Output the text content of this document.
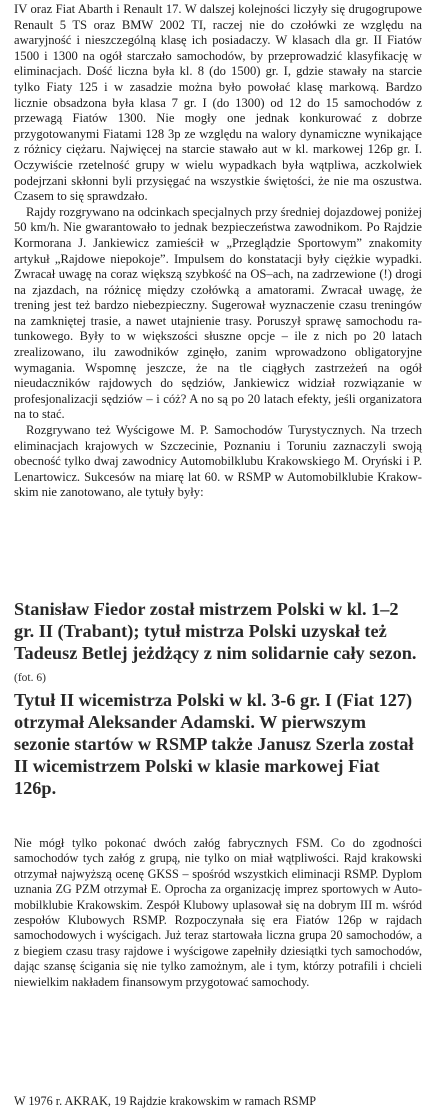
IV oraz Fiat Abarth i Renault 17. W dalszej kolejności liczyły się drugogrupowe Renault 5 TS oraz BMW 2002 TI, raczej nie do czołówki ze względu na awaryjność i nieszczególną klasę ich posiadaczy. W klasach dla gr. II Fiatów 1500 i 1300 na ogół starczało samochodów, by przeprowadzić klasyfikację w eliminacjach. Dość liczna była kl. 8 (do 1500) gr. I, gdzie stawały na starcie tylko Fiaty 125 i w zasadzie można było powołać klasę markową. Bardzo licznie obsadzona była klasa 7 gr. I (do 1300) od 12 do 15 samochodów z przewagą Fiatów 1300. Nie mogły one jednak konkurować z dobrze przygotowanymi Fiatami 128 3p ze względu na walory dynamiczne wynikające z różnicy ciężaru. Najwięcej na starcie stawało aut w kl. markowej 126p gr. I. Oczywiście rzetelność grupy w wielu wypadkach była wątpliwa, aczkolwiek podejrzani skłonni byli przysięgać na wszystkie świętości, że nie ma oszustwa. Czasem to się sprawdzało.

Rajdy rozgrywano na odcinkach specjalnych przy średniej dojazdowej poniżej 50 km/h. Nie gwarantowało to jednak bezpieczeństwa zawodnikom. Po Rajdzie Kormorana J. Jankiewicz zamieścił w „Przeglądzie Sportowym” znakomity artykuł „Rajdowe niepokoje”. Impulsem do konstatacji były ciężkie wypadki. Zwracał uwagę na coraz większą szybkość na OS–ach, na zadrzewione (!) drogi na zjazdach, na różnicę między czołówką a amatorami. Zwracał uwagę, że trening jest też bardzo niebezpieczny. Sugerował wyznaczenie czasu treningów na zamkniętej trasie, a nawet utajnienie trasy. Poruszył sprawę samochodu ratunkowego. Były to w większości słuszne opcje – ile z nich po 20 latach zrealizowano, ilu zawodników zginęło, zanim wprowadzono obligatoryjne wymagania. Wspomnę jeszcze, że na tle ciągłych zastrzeżeń na ogół nieudaczników rajdowych do sędziów, Jankiewicz widział rozwiązanie w profesjonalizacji sędziów – i cóż? A no są po 20 latach efekty, jeśli organizatora na to stać.

Rozgrywano też Wyścigowe M. P. Samochodów Turystycznych. Na trzech eliminacjach krajowych w Szczecinie, Poznaniu i Toruniu zaznaczyli swoją obecność tylko dwaj zawodnicy Automobilklubu Krakowskiego M. Oryński i P. Lenartowicz. Sukcesów na miarę lat 60. w RSMP w Automobilklubie Krakowskim nie zanotowano, ale tytuły były:

Stanisław Fiedor został mistrzem Polski w kl. 1–2 gr. II (Trabant); tytuł mistrza Polski uzyskał też Tadeusz Betlej jeżdżący z nim solidarnie cały sezon. (fot. 6)

Tytuł II wicemistrza Polski w kl. 3-6 gr. I (Fiat 127) otrzymał Aleksander Adamski. W pierwszym sezonie startów w RSMP także Janusz Szerla został II wicemistrzem Polski w klasie markowej Fiat 126p.

Nie mógł tylko pokonać dwóch załóg fabrycznych FSM. Co do zgodności samochodów tych załóg z grupą, nie tylko on miał wątpliwości. Rajd krakowski otrzymał najwyższą ocenę GKSS – spośród wszystkich eliminacji RSMP. Dyplom uznania ZG PZM otrzymał E. Oprocha za organizację imprez sportowych w Automobilklubie Krakowskim. Zespół Klubowy uplasował się na dobrym III m. wśród zespołów Klubowych RSMP. Rozpoczynała się era Fiatów 126p w rajdach samochodowych i wyścigach. Już teraz startowała liczna grupa 20 samochodów, a z biegiem czasu trasy rajdowe i wyścigowe zapełniły dziesiątki tych samochodów, dając szansę ścigania się nie tylko zamożnym, ale i tym, którzy potrafili i chcieli niewielkim nakładem finansowym przygotować samochody.

W 1976 r. AKRAK, 19 Rajdzie krakowskim w ramach RSMP
